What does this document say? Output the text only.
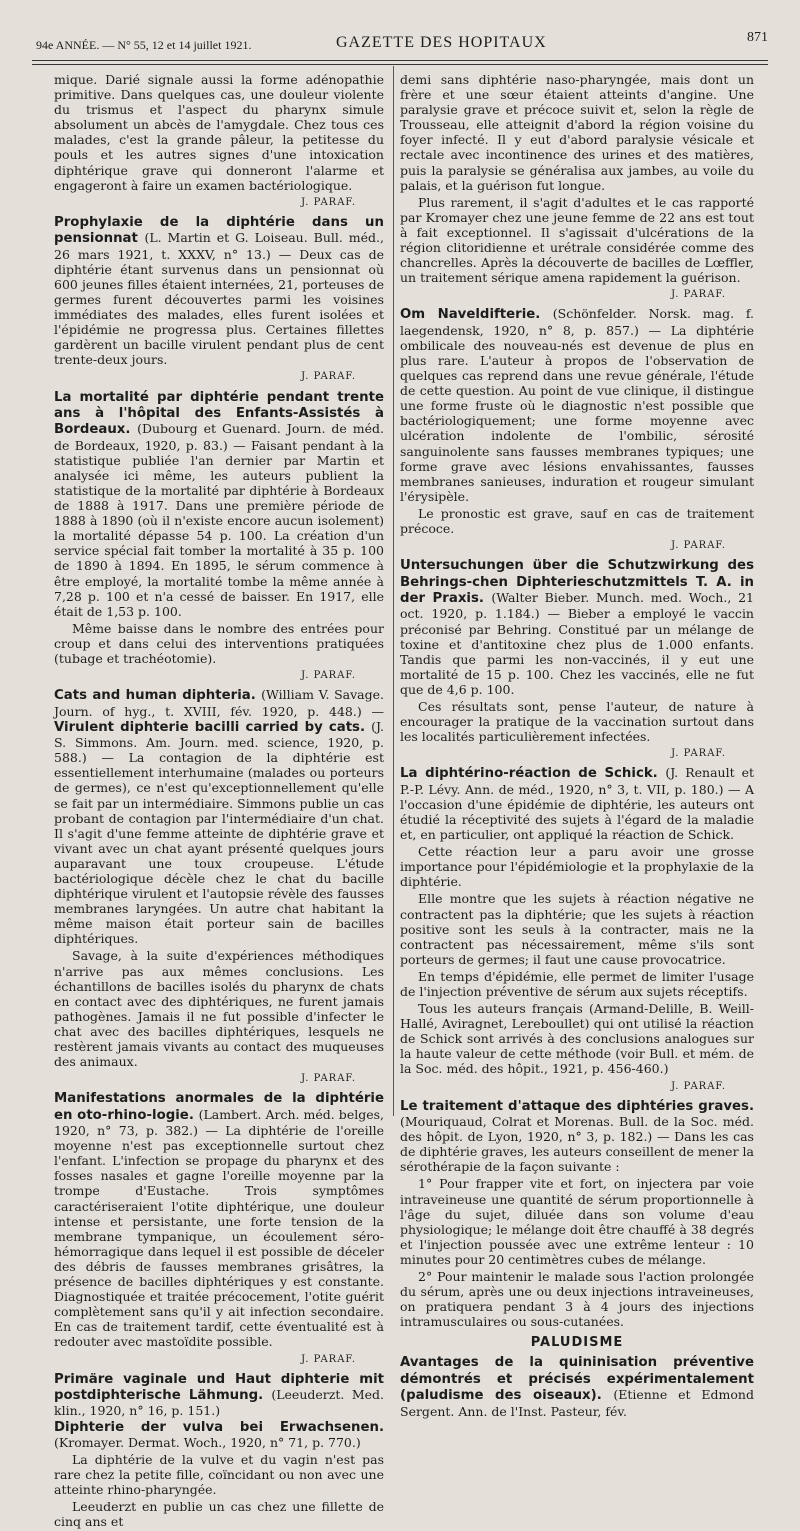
94e ANNÉE. — N° 55, 12 et 14 juillet 1921.	GAZETTE DES HOPITAUX	871

mique. Darié signale aussi la forme adénopathie primitive. Dans quelques cas, une douleur violente du trismus et l'aspect du pharynx simule absolument un abcès de l'amygdale. Chez tous ces malades, c'est la grande pâleur, la petitesse du pouls et les autres signes d'une intoxication diphtérique grave qui donneront l'alarme et engageront à faire un examen bactériologique.

J. PARAF.
Prophylaxie de la diphtérie dans un pensionnat (L. Martin et G. Loiseau. Bull. méd., 26 mars 1921, t. XXXV, n° 13.) — Deux cas de diphtérie étant survenus dans un pensionnat où 600 jeunes filles étaient internées, 21, porteuses de germes furent découvertes parmi les voisines immédiates des malades, elles furent isolées et l'épidémie ne progressa plus. Certaines fillettes gardèrent un bacille virulent pendant plus de cent trente-deux jours.
J. PARAF.
La mortalité par diphtérie pendant trente ans à l'hôpital des Enfants-Assistés à Bordeaux. (Dubourg et Guenard. Journ. de méd. de Bordeaux, 1920, p. 83.) — Faisant pendant à la statistique publiée l'an dernier par Martin et analysée ici même, les auteurs publient la statistique de la mortalité par diphtérie à Bordeaux de 1888 à 1917. Dans une première période de 1888 à 1890 (où il n'existe encore aucun isolement) la mortalité dépasse 54 p. 100. La création d'un service spécial fait tomber la mortalité à 35 p. 100 de 1890 à 1894. En 1895, le sérum commence à être employé, la mortalité tombe la même année à 7,28 p. 100 et n'a cessé de baisser. En 1917, elle était de 1,53 p. 100.

Même baisse dans le nombre des entrées pour croup et dans celui des interventions pratiquées (tubage et trachéotomie).

J. PARAF.
Cats and human diphteria. (William V. Savage. Journ. of hyg., t. XVIII, fév. 1920, p. 448.) — Virulent diphterie bacilli carried by cats. (J. S. Simmons. Am. Journ. med. science, 1920, p. 588.) — La contagion de la diphtérie est essentiellement interhumaine (malades ou porteurs de germes), ce n'est qu'exceptionnellement qu'elle se fait par un intermédiaire. Simmons publie un cas probant de contagion par l'intermédiaire d'un chat. Il s'agit d'une femme atteinte de diphtérie grave et vivant avec un chat ayant présenté quelques jours auparavant une toux croupeuse. L'étude bactériologique décèle chez le chat du bacille diphtérique virulent et l'autopsie révèle des fausses membranes laryngées. Un autre chat habitant la même maison était porteur sain de bacilles diphtériques.

Savage, à la suite d'expériences méthodiques n'arrive pas aux mêmes conclusions. Les échantillons de bacilles isolés du pharynx de chats en contact avec des diphtériques, ne furent jamais pathogènes. Jamais il ne fut possible d'infecter le chat avec des bacilles diphtériques, lesquels ne restèrent jamais vivants au contact des muqueuses des animaux.

J. PARAF.
Manifestations anormales de la diphtérie en oto-rhino-logie. (Lambert. Arch. méd. belges, 1920, n° 73, p. 382.) — La diphtérie de l'oreille moyenne n'est pas exceptionnelle surtout chez l'enfant. L'infection se propage du pharynx et des fosses nasales et gagne l'oreille moyenne par la trompe d'Eustache. Trois symptômes caractériseraient l'otite diphtérique, une douleur intense et persistante, une forte tension de la membrane tympanique, un écoulement séro-hémorragique dans lequel il est possible de déceler des débris de fausses membranes grisâtres, la présence de bacilles diphtériques y est constante. Diagnostiquée et traitée précocement, l'otite guérit complètement sans qu'il y ait infection secondaire. En cas de traitement tardif, cette éventualité est à redouter avec mastoïdite possible.
J. PARAF.
Primäre vaginale und Haut diphterie mit postdiphterische Lähmung. (Leeuderzt. Med. klin., 1920, n° 16, p. 151.)
Diphterie der vulva bei Erwachsenen. (Kromayer. Dermat. Woch., 1920, n° 71, p. 770.)

La diphtérie de la vulve et du vagin n'est pas rare chez la petite fille, coïncidant ou non avec une atteinte rhino-pharyngée.

Leeuderzt en publie un cas chez une fillette de cinq ans et

demi sans diphtérie naso-pharyngée, mais dont un frère et une sœur étaient atteints d'angine. Une paralysie grave et précoce suivit et, selon la règle de Trousseau, elle atteignit d'abord la région voisine du foyer infecté. Il y eut d'abord paralysie vésicale et rectale avec incontinence des urines et des matières, puis la paralysie se généralisa aux jambes, au voile du palais, et la guérison fut longue.

Plus rarement, il s'agit d'adultes et le cas rapporté par Kromayer chez une jeune femme de 22 ans est tout à fait exceptionnel. Il s'agissait d'ulcérations de la région clitoridienne et urétrale considérée comme des chancrelles. Après la découverte de bacilles de Lœffler, un traitement sérique amena rapidement la guérison.

J. PARAF.
Om Naveldifterie. (Schönfelder. Norsk. mag. f. laegendensk, 1920, n° 8, p. 857.) — La diphtérie ombilicale des nouveau-nés est devenue de plus en plus rare. L'auteur à propos de l'observation de quelques cas reprend dans une revue générale, l'étude de cette question. Au point de vue clinique, il distingue une forme fruste où le diagnostic n'est possible que bactériologiquement; une forme moyenne avec ulcération indolente de l'ombilic, sérosité sanguinolente sans fausses membranes typiques; une forme grave avec lésions envahissantes, fausses membranes sanieuses, induration et rougeur simulant l'érysipèle.

Le pronostic est grave, sauf en cas de traitement précoce.

J. PARAF.
Untersuchungen über die Schutzwirkung des Behrings-chen Diphterieschutzmittels T. A. in der Praxis. (Walter Bieber. Munch. med. Woch., 21 oct. 1920, p. 1.184.) — Bieber a employé le vaccin préconisé par Behring. Constitué par un mélange de toxine et d'antitoxine chez plus de 1.000 enfants. Tandis que parmi les non-vaccinés, il y eut une mortalité de 15 p. 100. Chez les vaccinés, elle ne fut que de 4,6 p. 100.

Ces résultats sont, pense l'auteur, de nature à encourager la pratique de la vaccination surtout dans les localités particulièrement infectées.

J. PARAF.
La diphtérino-réaction de Schick. (J. Renault et P.-P. Lévy. Ann. de méd., 1920, n° 3, t. VII, p. 180.) — A l'occasion d'une épidémie de diphtérie, les auteurs ont étudié la réceptivité des sujets à l'égard de la maladie et, en particulier, ont appliqué la réaction de Schick.

Cette réaction leur a paru avoir une grosse importance pour l'épidémiologie et la prophylaxie de la diphtérie.

Elle montre que les sujets à réaction négative ne contractent pas la diphtérie; que les sujets à réaction positive sont les seuls à la contracter, mais ne la contractent pas nécessairement, même s'ils sont porteurs de germes; il faut une cause provocatrice.

En temps d'épidémie, elle permet de limiter l'usage de l'injection préventive de sérum aux sujets réceptifs.

Tous les auteurs français (Armand-Delille, B. Weill-Hallé, Aviragnet, Lereboullet) qui ont utilisé la réaction de Schick sont arrivés à des conclusions analogues sur la haute valeur de cette méthode (voir Bull. et mém. de la Soc. méd. des hôpit., 1921, p. 456-460.)

J. PARAF.
Le traitement d'attaque des diphtéries graves. (Mouriquaud, Colrat et Morenas. Bull. de la Soc. méd. des hôpit. de Lyon, 1920, n° 3, p. 182.) — Dans les cas de diphtérie graves, les auteurs conseillent de mener la sérothérapie de la façon suivante :

1° Pour frapper vite et fort, on injectera par voie intraveineuse une quantité de sérum proportionnelle à l'âge du sujet, diluée dans son volume d'eau physiologique; le mélange doit être chauffé à 38 degrés et l'injection poussée avec une extrême lenteur : 10 minutes pour 20 centimètres cubes de mélange.

2° Pour maintenir le malade sous l'action prolongée du sérum, après une ou deux injections intraveineuses, on pratiquera pendant 3 à 4 jours des injections intramusculaires ou sous-cutanées.

PALUDISME
Avantages de la quininisation préventive démontrés et précisés expérimentalement (paludisme des oiseaux). (Etienne et Edmond Sergent. Ann. de l'Inst. Pasteur, fév.
